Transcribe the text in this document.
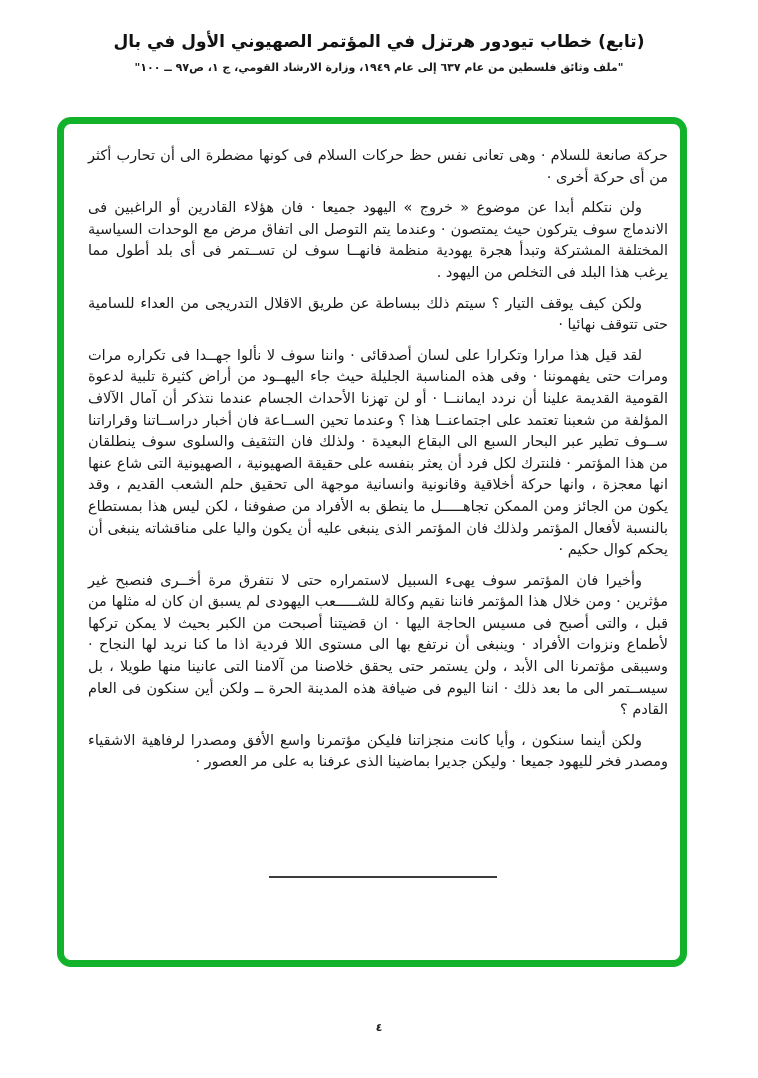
(تابع) خطاب تيودور هرتزل في المؤتمر الصهيوني الأول في بال
"ملف وثائق فلسطين من عام ٦٣٧ إلى عام ١٩٤٩، وزارة الارشاد القومي، ج ١، ص٩٧ ــ ١٠٠"

حركة صانعة للسلام · وهى تعانى نفس حظ حركات السلام فى كونها مضطرة الى أن تحارب أكثر من أى حركة أخرى ·

ولن نتكلم أبدا عن موضوع « خروج » اليهود جميعا · فان هؤلاء القادرين أو الراغبين فى الاندماج سوف يتركون حيث يمتصون · وعندما يتم التوصل الى اتفاق مرض مع الوحدات السياسية المختلفة المشتركة وتبدأ هجرة يهودية منظمة فانهــا سوف لن تســتمر فى أى بلد أطول مما يرغب هذا البلد فى التخلص من اليهود .

ولكن كيف يوقف التيار ؟ سيتم ذلك ببساطة عن طريق الاقلال التدريجى من العداء للسامية حتى تتوقف نهائيا ·

لقد قيل هذا مرارا وتكرارا على لسان أصدقائى · واننا سوف لا نألوا جهــدا فى تكراره مرات ومرات حتى يفهموننا · وفى هذه المناسبة الجليلة حيث جاء اليهــود من أراض كثيرة تلبية لدعوة القومية القديمة علينا أن نردد ايماننــا · أو لن تهزنا الأحداث الجسام عندما نتذكر أن آمال الآلاف المؤلفة من شعبنا تعتمد على اجتماعنــا هذا ؟ وعندما تحين الســاعة فان أخبار دراســاتنا وقراراتنا ســوف تطير عبر البحار السبع الى البقاع البعيدة · ولذلك فان التثقيف والسلوى سوف ينطلقان من هذا المؤتمر · فلنترك لكل فرد أن يعثر بنفسه على حقيقة الصهيونية ، الصهيونية التى شاع عنها انها معجزة ، وانها حركة أخلاقية وقانونية وانسانية موجهة الى تحقيق حلم الشعب القديم ، وقد يكون من الجائز ومن الممكن تجاهـــــل ما ينطق به الأفراد من صفوفنا ، لكن ليس هذا بمستطاع بالنسبة لأفعال المؤتمر ولذلك فان المؤتمر الذى ينبغى عليه أن يكون واليا على مناقشاته ينبغى أن يحكم كوال حكيم ·

وأخيرا فان المؤتمر سوف يهىء السبيل لاستمراره حتى لا نتفرق مرة أخــرى فنصبح غير مؤثرين · ومن خلال هذا المؤتمر فاننا نقيم وكالة للشـــــعب اليهودى لم يسبق ان كان له مثلها من قبل ، والتى أصبح فى مسيس الحاجة اليها · ان قضيتنا أصبحت من الكبر بحيث لا يمكن تركها لأطماع ونزوات الأفراد · وينبغى أن نرتفع بها الى مستوى اللا فردية اذا ما كنا نريد لها النجاح · وسيبقى مؤتمرنا الى الأبد ، ولن يستمر حتى يحقق خلاصنا من آلامنا التى عانينا منها طويلا ، بل سيســتمر الى ما بعد ذلك · اننا اليوم فى ضيافة هذه المدينة الحرة ــ ولكن أين سنكون فى العام القادم ؟

ولكن أينما سنكون ، وأيا كانت منجزاتنا فليكن مؤتمرنا واسع الأفق ومصدرا لرفاهية الاشقياء ومصدر فخر لليهود جميعا · وليكن جديرا بماضينا الذى عرفنا به على مر العصور ·

٤
